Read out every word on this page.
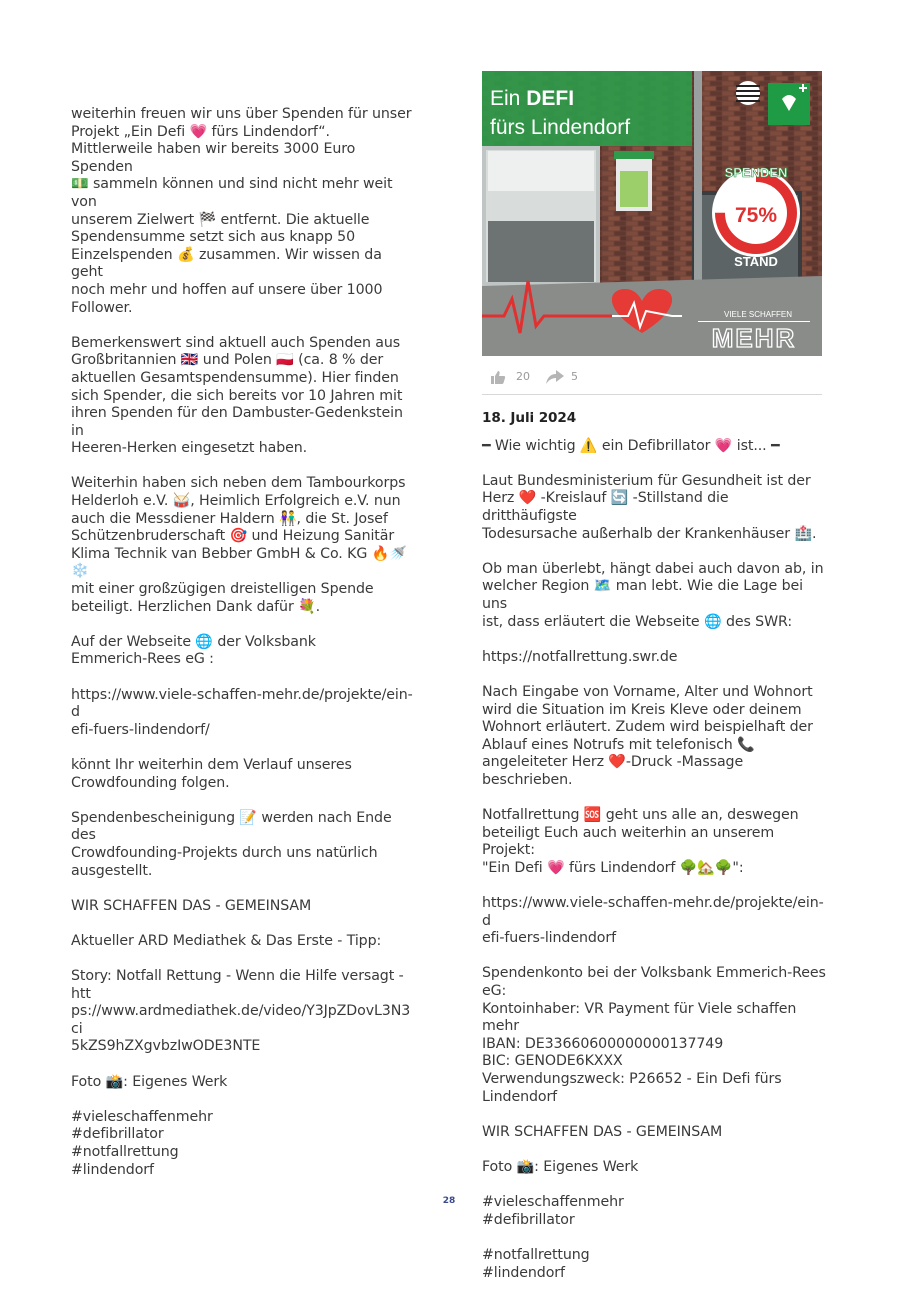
weiterhin freuen wir uns über Spenden für unser
Projekt „Ein Defi 💗 fürs Lindendorf“.
Mittlerweile haben wir bereits 3000 Euro Spenden
💵 sammeln können und sind nicht mehr weit von
unserem Zielwert 🏁 entfernt. Die aktuelle
Spendensumme setzt sich aus knapp 50
Einzelspenden 💰 zusammen. Wir wissen da geht
noch mehr und hoffen auf unsere über 1000
Follower.
Bemerkenswert sind aktuell auch Spenden aus
Großbritannien 🇬🇧 und Polen 🇵🇱 (ca. 8 % der
aktuellen Gesamtspendensumme). Hier finden
sich Spender, die sich bereits vor 10 Jahren mit
ihren Spenden für den Dambuster-Gedenkstein in
Heeren-Herken eingesetzt haben.
Weiterhin haben sich neben dem Tambourkorps
Helderloh e.V. 🥁, Heimlich Erfolgreich e.V. nun
auch die Messdiener Haldern 👫, die St. Josef
Schützenbruderschaft 🎯 und Heizung Sanitär
Klima Technik van Bebber GmbH & Co. KG 🔥🚿❄️
mit einer großzügigen dreistelligen Spende
beteiligt. Herzlichen Dank dafür 💐.
Auf der Webseite 🌐 der Volksbank
Emmerich-Rees eG :
https://www.viele-schaffen-mehr.de/projekte/ein-d
efi-fuers-lindendorf/
könnt Ihr weiterhin dem Verlauf unseres
Crowdfounding folgen.
Spendenbescheinigung 📝 werden nach Ende des
Crowdfounding-Projekts durch uns natürlich
ausgestellt.
WIR SCHAFFEN DAS - GEMEINSAM
Aktueller ARD Mediathek & Das Erste - Tipp:
Story: Notfall Rettung - Wenn die Hilfe versagt - htt
ps://www.ardmediathek.de/video/Y3JpZDovL3N3ci
5kZS9hZXgvbzIwODE3NTE
Foto 📸: Eigenes Werk
#vieleschaffenmehr
#defibrillator
#notfallrettung
#lindendorf
Ein DEFI
fürs Lindendorf
75%
SPENDEN
STAND
VIELE SCHAFFEN
MEHR
20	5
18. Juli 2024
━ Wie wichtig ⚠️ ein Defibrillator 💗 ist... ━
Laut Bundesministerium für Gesundheit ist der
Herz ❤️ -Kreislauf 🔄 -Stillstand die dritthäufigste
Todesursache außerhalb der Krankenhäuser 🏥.
Ob man überlebt, hängt dabei auch davon ab, in
welcher Region 🗺️ man lebt. Wie die Lage bei uns
ist, dass erläutert die Webseite 🌐 des SWR:
https://notfallrettung.swr.de
Nach Eingabe von Vorname, Alter und Wohnort
wird die Situation im Kreis Kleve oder deinem
Wohnort erläutert. Zudem wird beispielhaft der
Ablauf eines Notrufs mit telefonisch 📞
angeleiteter Herz ❤️-Druck -Massage beschrieben.
Notfallrettung 🆘 geht uns alle an, deswegen
beteiligt Euch auch weiterhin an unserem Projekt:
"Ein Defi 💗 fürs Lindendorf 🌳🏡🌳":
https://www.viele-schaffen-mehr.de/projekte/ein-d
efi-fuers-lindendorf
Spendenkonto bei der Volksbank Emmerich-Rees
eG:
Kontoinhaber: VR Payment für Viele schaffen mehr
IBAN: DE33660600000000137749
BIC: GENODE6KXXX
Verwendungszweck: P26652 - Ein Defi fürs
Lindendorf
WIR SCHAFFEN DAS - GEMEINSAM
Foto 📸: Eigenes Werk
#vieleschaffenmehr
#defibrillator
#notfallrettung
#lindendorf
28
